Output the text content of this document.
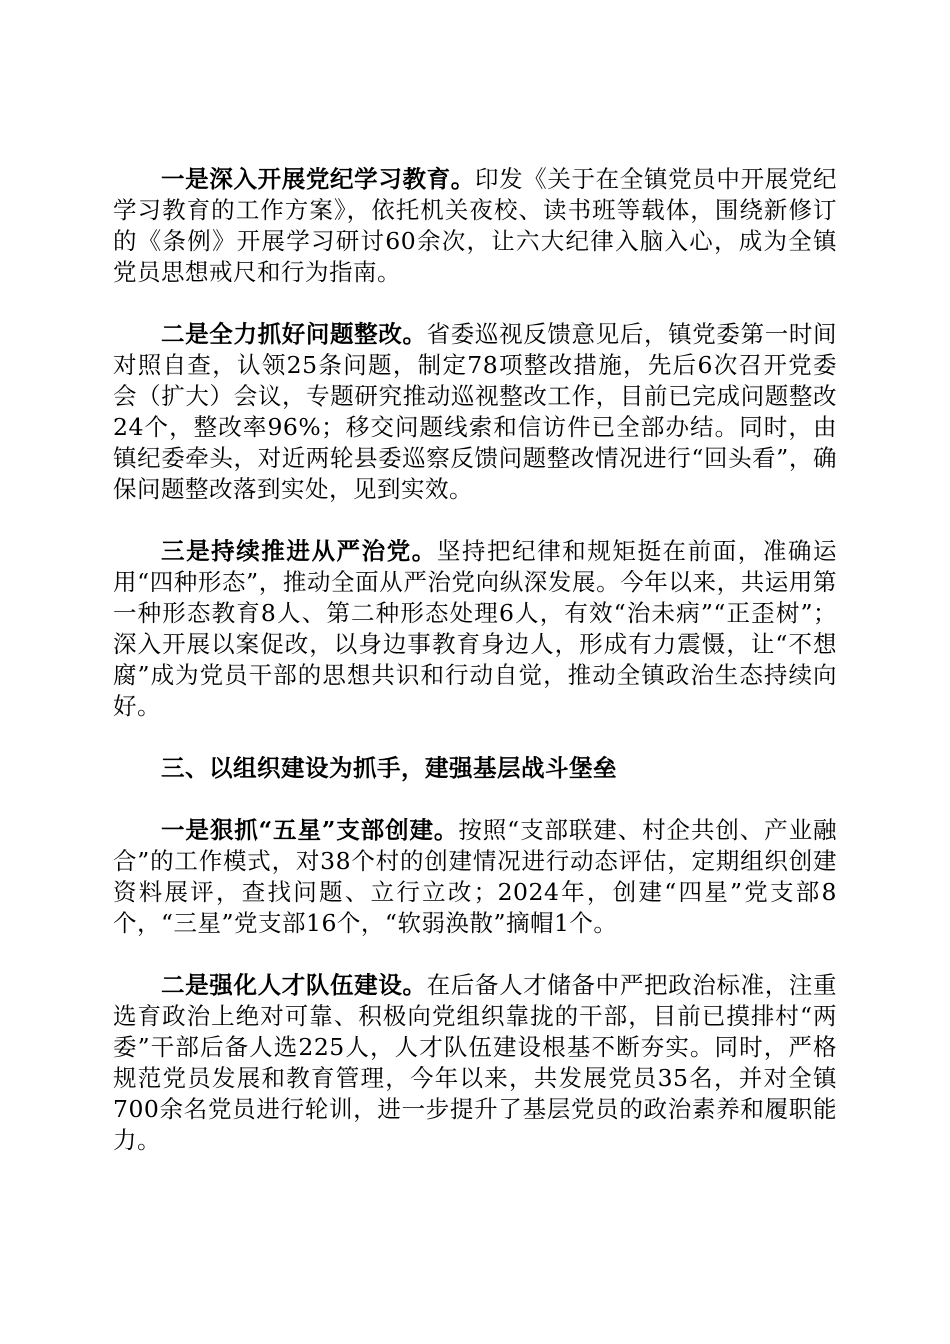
一是深入开展党纪学习教育。印发《关于在全镇党员中开展党纪学习教育的工作方案》，依托机关夜校、读书班等载体，围绕新修订的《条例》开展学习研讨60余次，让六大纪律入脑入心，成为全镇党员思想戒尺和行为指南。

二是全力抓好问题整改。省委巡视反馈意见后，镇党委第一时间对照自查，认领25条问题，制定78项整改措施，先后6次召开党委会（扩大）会议，专题研究推动巡视整改工作，目前已完成问题整改24个，整改率96%；移交问题线索和信访件已全部办结。同时，由镇纪委牵头，对近两轮县委巡察反馈问题整改情况进行“回头看”，确保问题整改落到实处，见到实效。

三是持续推进从严治党。坚持把纪律和规矩挺在前面，准确运用“四种形态”，推动全面从严治党向纵深发展。今年以来，共运用第一种形态教育8人、第二种形态处理6人，有效“治未病”“正歪树”；深入开展以案促改，以身边事教育身边人，形成有力震慑，让“不想腐”成为党员干部的思想共识和行动自觉，推动全镇政治生态持续向好。

三、以组织建设为抓手，建强基层战斗堡垒

一是狠抓“五星”支部创建。按照“支部联建、村企共创、产业融合”的工作模式，对38个村的创建情况进行动态评估，定期组织创建资料展评，查找问题、立行立改；2024年，创建“四星”党支部8个，“三星”党支部16个，“软弱涣散”摘帽1个。

二是强化人才队伍建设。在后备人才储备中严把政治标准，注重选育政治上绝对可靠、积极向党组织靠拢的干部，目前已摸排村“两委”干部后备人选225人，人才队伍建设根基不断夯实。同时，严格规范党员发展和教育管理，今年以来，共发展党员35名，并对全镇700余名党员进行轮训，进一步提升了基层党员的政治素养和履职能力。
